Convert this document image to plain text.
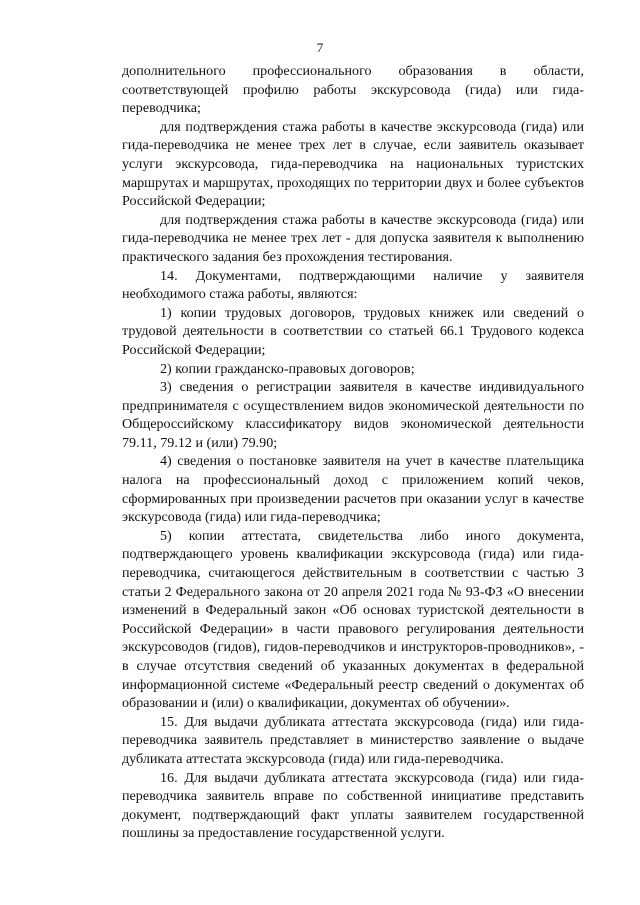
7

дополнительного профессионального образования в области, соответствующей профилю работы экскурсовода (гида) или гида-переводчика;

для подтверждения стажа работы в качестве экскурсовода (гида) или гида-переводчика не менее трех лет в случае, если заявитель оказывает услуги экскурсовода, гида-переводчика на национальных туристских маршрутах и маршрутах, проходящих по территории двух и более субъектов Российской Федерации;

для подтверждения стажа работы в качестве экскурсовода (гида) или гида-переводчика не менее трех лет - для допуска заявителя к выполнению практического задания без прохождения тестирования.

14. Документами, подтверждающими наличие у заявителя необходимого стажа работы, являются:

1) копии трудовых договоров, трудовых книжек или сведений о трудовой деятельности в соответствии со статьей 66.1 Трудового кодекса Российской Федерации;

2) копии гражданско-правовых договоров;

3) сведения о регистрации заявителя в качестве индивидуального предпринимателя с осуществлением видов экономической деятельности по Общероссийскому классификатору видов экономической деятельности 79.11, 79.12 и (или) 79.90;

4) сведения о постановке заявителя на учет в качестве плательщика налога на профессиональный доход с приложением копий чеков, сформированных при произведении расчетов при оказании услуг в качестве экскурсовода (гида) или гида-переводчика;

5) копии аттестата, свидетельства либо иного документа, подтверждающего уровень квалификации экскурсовода (гида) или гида-переводчика, считающегося действительным в соответствии с частью 3 статьи 2 Федерального закона от 20 апреля 2021 года № 93-ФЗ «О внесении изменений в Федеральный закон «Об основах туристской деятельности в Российской Федерации» в части правового регулирования деятельности экскурсоводов (гидов), гидов-переводчиков и инструкторов-проводников», - в случае отсутствия сведений об указанных документах в федеральной информационной системе «Федеральный реестр сведений о документах об образовании и (или) о квалификации, документах об обучении».

15. Для выдачи дубликата аттестата экскурсовода (гида) или гида-переводчика заявитель представляет в министерство заявление о выдаче дубликата аттестата экскурсовода (гида) или гида-переводчика.

16. Для выдачи дубликата аттестата экскурсовода (гида) или гида-переводчика заявитель вправе по собственной инициативе представить документ, подтверждающий факт уплаты заявителем государственной пошлины за предоставление государственной услуги.
